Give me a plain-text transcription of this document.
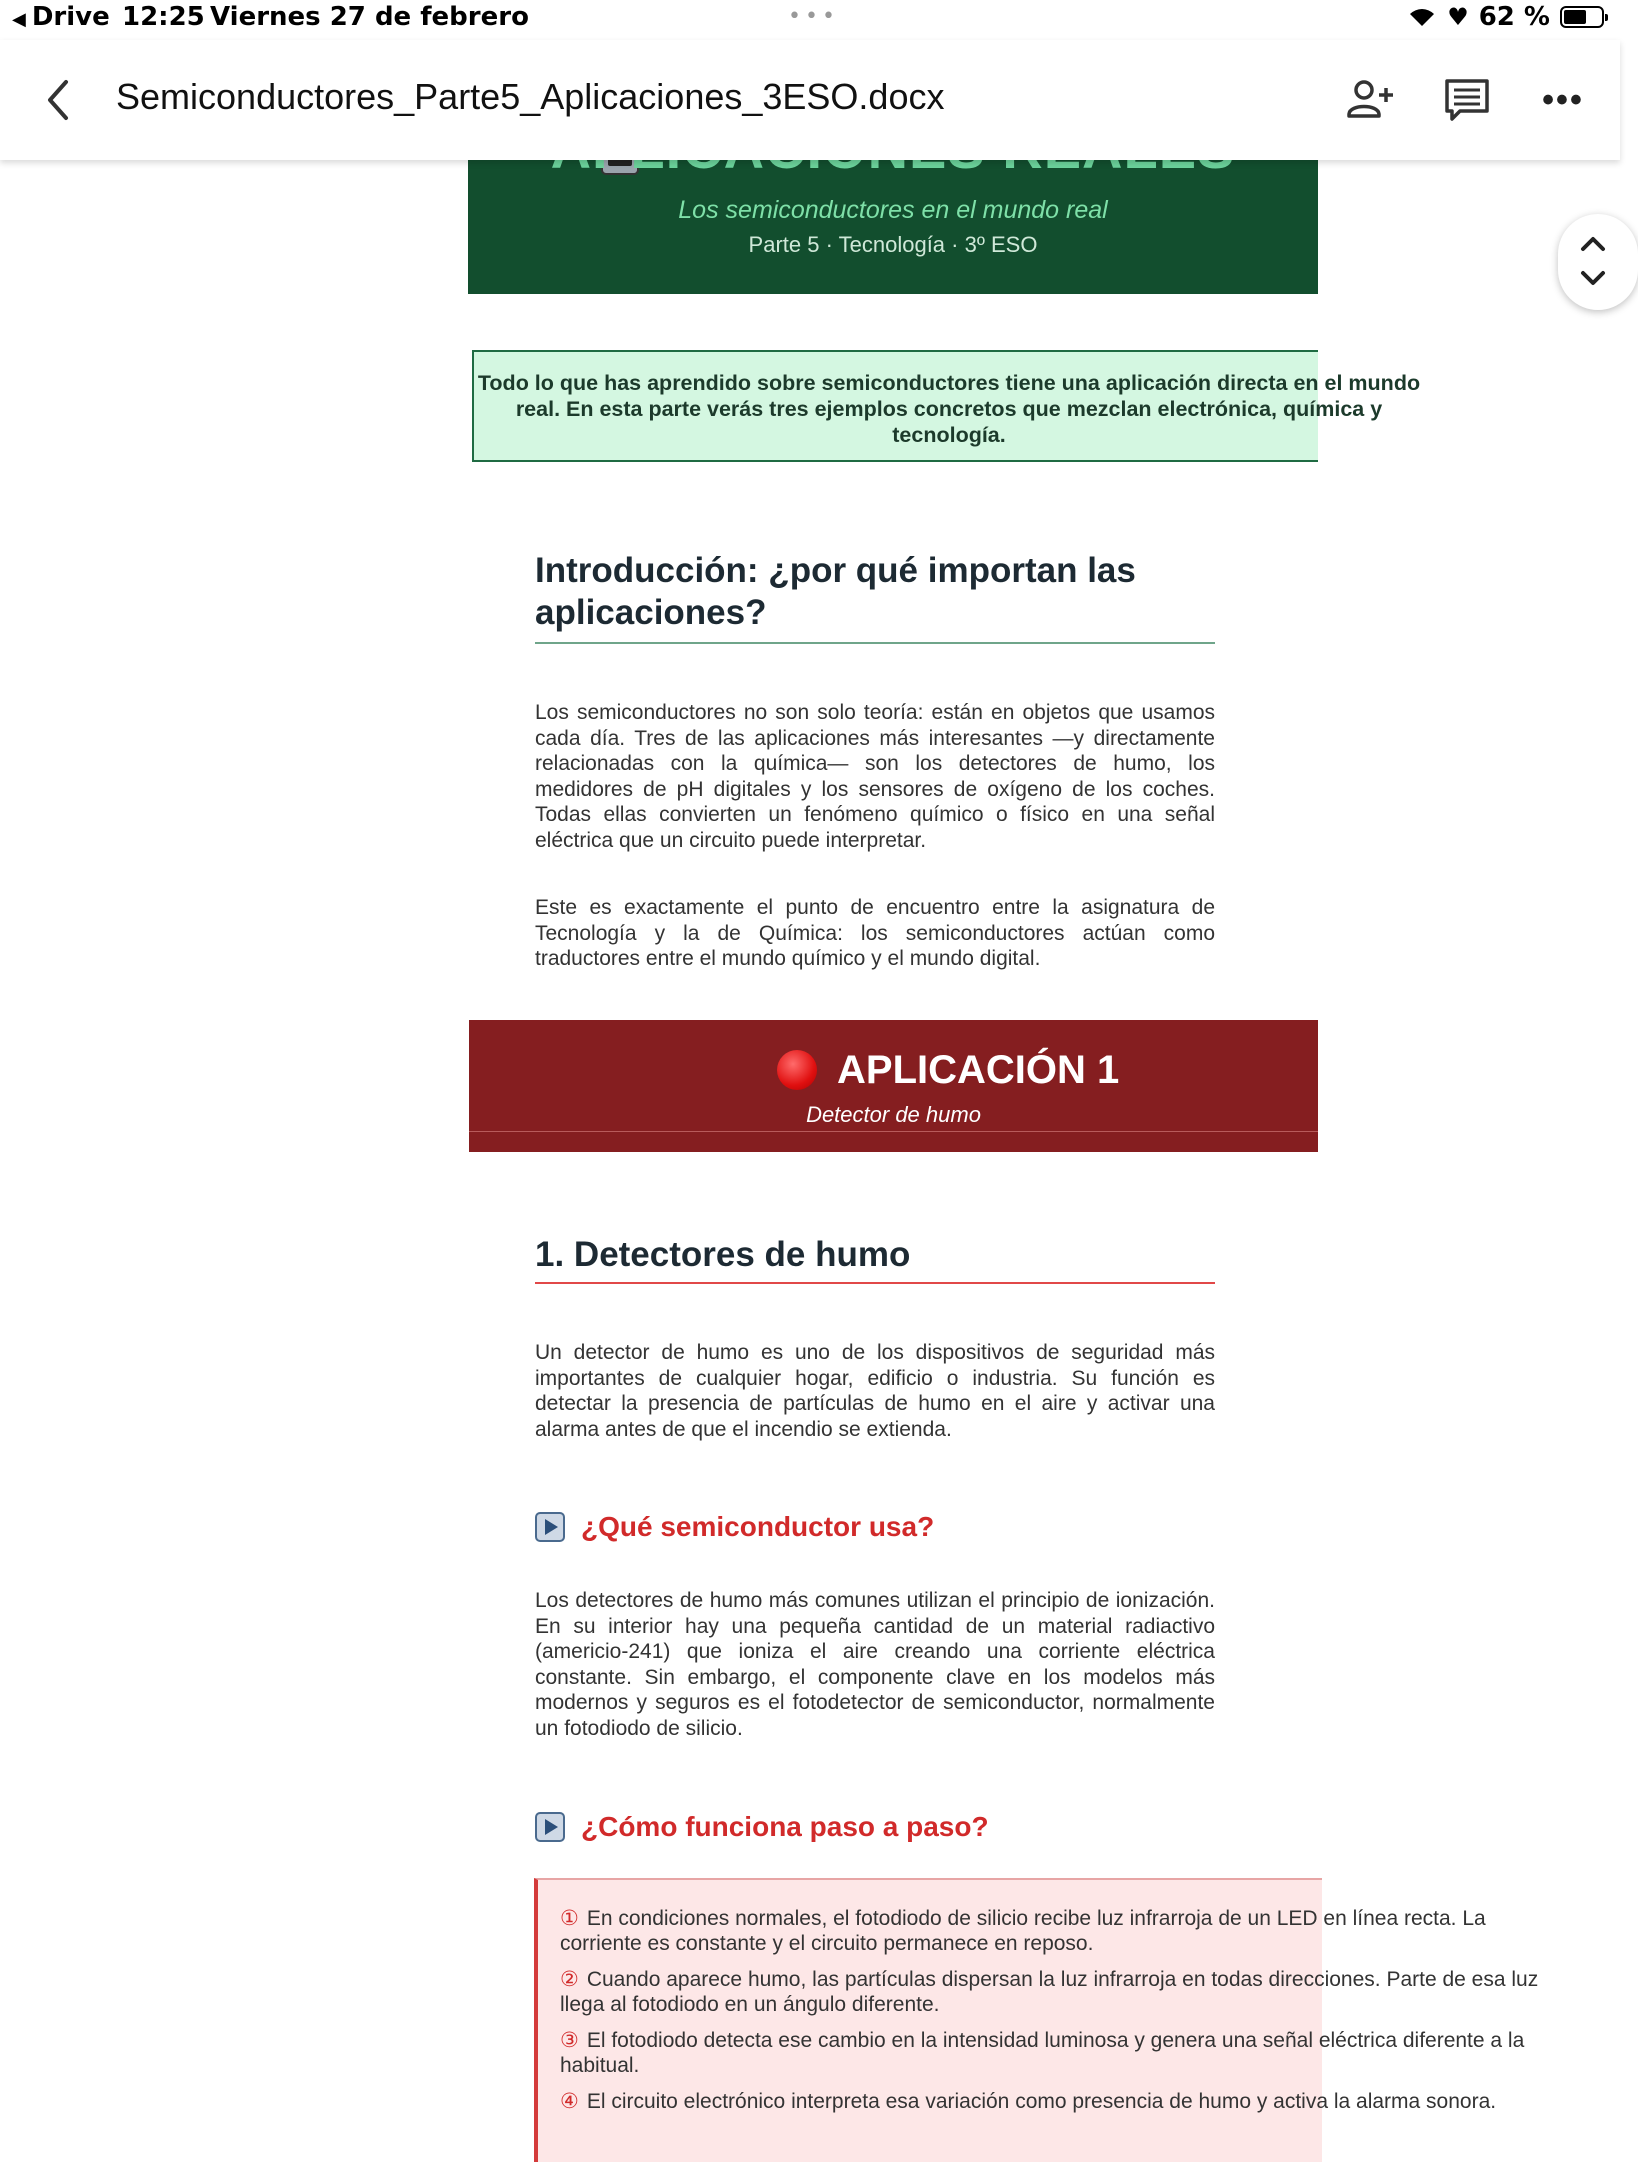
Los semiconductores en el mundo real
Parte 5 · Tecnología · 3º ESO

Todo lo que has aprendido sobre semiconductores tiene una aplicación directa en el mundo real. En esta parte verás tres ejemplos concretos que mezclan electrónica, química y tecnología.

Introducción: ¿por qué importan las aplicaciones?

Los semiconductores no son solo teoría: están en objetos que usamos cada día. Tres de las aplicaciones más interesantes —y directamente relacionadas con la química— son los detectores de humo, los medidores de pH digitales y los sensores de oxígeno de los coches. Todas ellas convierten un fenómeno químico o físico en una señal eléctrica que un circuito puede interpretar.

Este es exactamente el punto de encuentro entre la asignatura de Tecnología y la de Química: los semiconductores actúan como traductores entre el mundo químico y el mundo digital.

APLICACIÓN 1
Detector de humo
1. Detectores de humo

Un detector de humo es uno de los dispositivos de seguridad más importantes de cualquier hogar, edificio o industria. Su función es detectar la presencia de partículas de humo en el aire y activar una alarma antes de que el incendio se extienda.

¿Qué semiconductor usa?

Los detectores de humo más comunes utilizan el principio de ionización. En su interior hay una pequeña cantidad de un material radiactivo (americio-241) que ioniza el aire creando una corriente eléctrica constante. Sin embargo, el componente clave en los modelos más modernos y seguros es el fotodetector de semiconductor, normalmente un fotodiodo de silicio.

¿Cómo funciona paso a paso?

① En condiciones normales, el fotodiodo de silicio recibe luz infrarroja de un LED en línea recta. La corriente es constante y el circuito permanece en reposo.

② Cuando aparece humo, las partículas dispersan la luz infrarroja en todas direcciones. Parte de esa luz llega al fotodiodo en un ángulo diferente.

③ El fotodiodo detecta ese cambio en la intensidad luminosa y genera una señal eléctrica diferente a la habitual.

④ El circuito electrónico interpreta esa variación como presencia de humo y activa la alarma sonora.

◀ Drive 12:25 Viernes 27 de febrero	•••	♥ 62 %
Semiconductores_Parte5_Aplicaciones_3ESO.docx	•••
